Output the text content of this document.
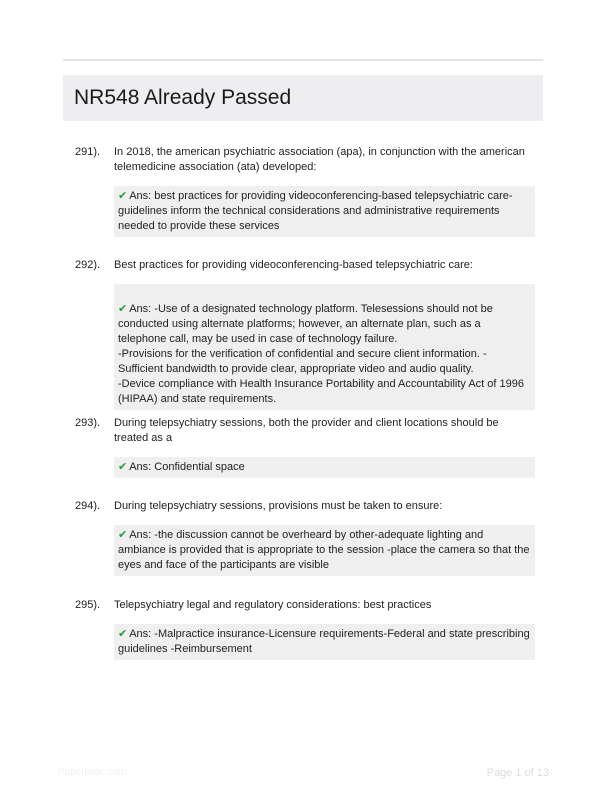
NR548 Already Passed
291).	In 2018, the american psychiatric association (apa), in conjunction with the american telemedicine association (ata) developed:
✔ Ans: best practices for providing videoconferencing-based telepsychiatric care-guidelines inform the technical considerations and administrative requirements needed to provide these services
292).	Best practices for providing videoconferencing-based telepsychiatric care:

✔ Ans: -Use of a designated technology platform. Telesessions should not be conducted using alternate platforms; however, an alternate plan, such as a telephone call, may be used in case of technology failure.
-Provisions for the verification of confidential and secure client information. -Sufficient bandwidth to provide clear, appropriate video and audio quality.
-Device compliance with Health Insurance Portability and Accountability Act of 1996 (HIPAA) and state requirements.

293).	During telepsychiatry sessions, both the provider and client locations should be treated as a
✔ Ans: Confidential space
294).	During telepsychiatry sessions, provisions must be taken to ensure:
✔ Ans: -the discussion cannot be overheard by other-adequate lighting and ambiance is provided that is appropriate to the session -place the camera so that the eyes and face of the participants are visible
295).	Telepsychiatry legal and regulatory considerations: best practices
✔ Ans: -Malpractice insurance-Licensure requirements-Federal and state prescribing guidelines -Reimbursement
Paperlibtic.com	Page 1 of 13
